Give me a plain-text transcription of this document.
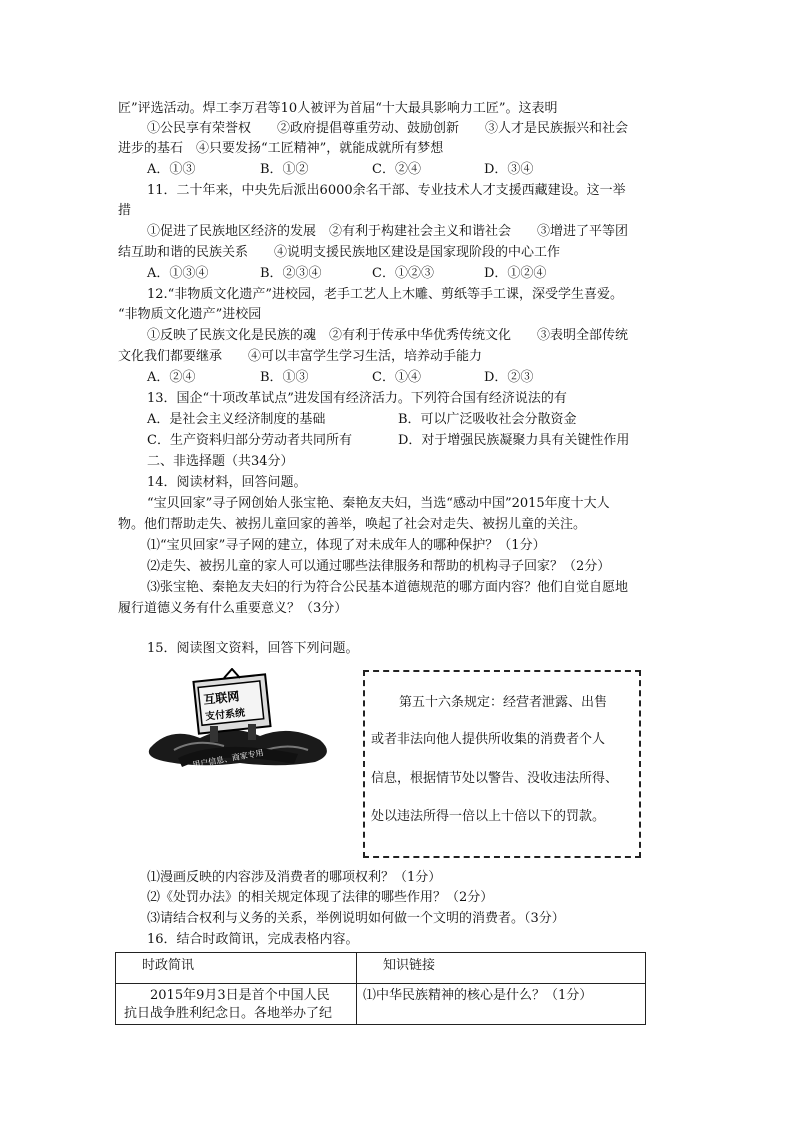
匠”评选活动。焊工李万君等10人被评为首届“十大最具影响力工匠”。这表明
①公民享有荣誉权　　②政府提倡尊重劳动、鼓励创新　　③人才是民族振兴和社会
进步的基石　④只要发扬“工匠精神”，就能成就所有梦想
A．①③	B．①②	C．②④	D．③④
11．二十年来，中央先后派出6000余名干部、专业技术人才支援西藏建设。这一举
措
①促进了民族地区经济的发展　②有利于构建社会主义和谐社会　　③增进了平等团
结互助和谐的民族关系　　④说明支援民族地区建设是国家现阶段的中心工作
A．①③④	B．②③④	C．①②③	D．①②④
12.“非物质文化遗产”进校园，老手工艺人上木雕、剪纸等手工课，深受学生喜爱。
“非物质文化遗产”进校园
①反映了民族文化是民族的魂　②有利于传承中华优秀传统文化　　③表明全部传统
文化我们都要继承　　④可以丰富学生学习生活，培养动手能力
A．②④	B．①③	C．①④	D．②③
13．国企“十项改革试点”进发国有经济活力。下列符合国有经济说法的有
A．是社会主义经济制度的基础	B．可以广泛吸收社会分散资金
C．生产资料归部分劳动者共同所有	D．对于增强民族凝聚力具有关键性作用
二、非选择题（共34分）
14．阅读材料，回答问题。
“宝贝回家”寻子网创始人张宝艳、秦艳友夫妇，当选“感动中国”2015年度十大人
物。他们帮助走失、被拐儿童回家的善举，唤起了社会对走失、被拐儿童的关注。
⑴“宝贝回家”寻子网的建立，体现了对未成年人的哪种保护？（1分）
⑵走失、被拐儿童的家人可以通过哪些法律服务和帮助的机构寻子回家？（2分）
⑶张宝艳、秦艳友夫妇的行为符合公民基本道德规范的哪方面内容？他们自觉自愿地
履行道德义务有什么重要意义？（3分）
15．阅读图文资料，回答下列问题。
互联网
支付系统
用户信息、商家专用
第五十六条规定：经营者泄露、出售
或者非法向他人提供所收集的消费者个人
信息，根据情节处以警告、没收违法所得、
处以违法所得一倍以上十倍以下的罚款。
⑴漫画反映的内容涉及消费者的哪项权利？（1分）
⑵《处罚办法》的相关规定体现了法律的哪些作用？（2分）
⑶请结合权利与义务的关系，举例说明如何做一个文明的消费者。（3分）
16．结合时政简讯，完成表格内容。
时政简讯	知识链接

2015年9月3日是首个中国人民
抗日战争胜利纪念日。各地举办了纪	⑴中华民族精神的核心是什么？（1分）
